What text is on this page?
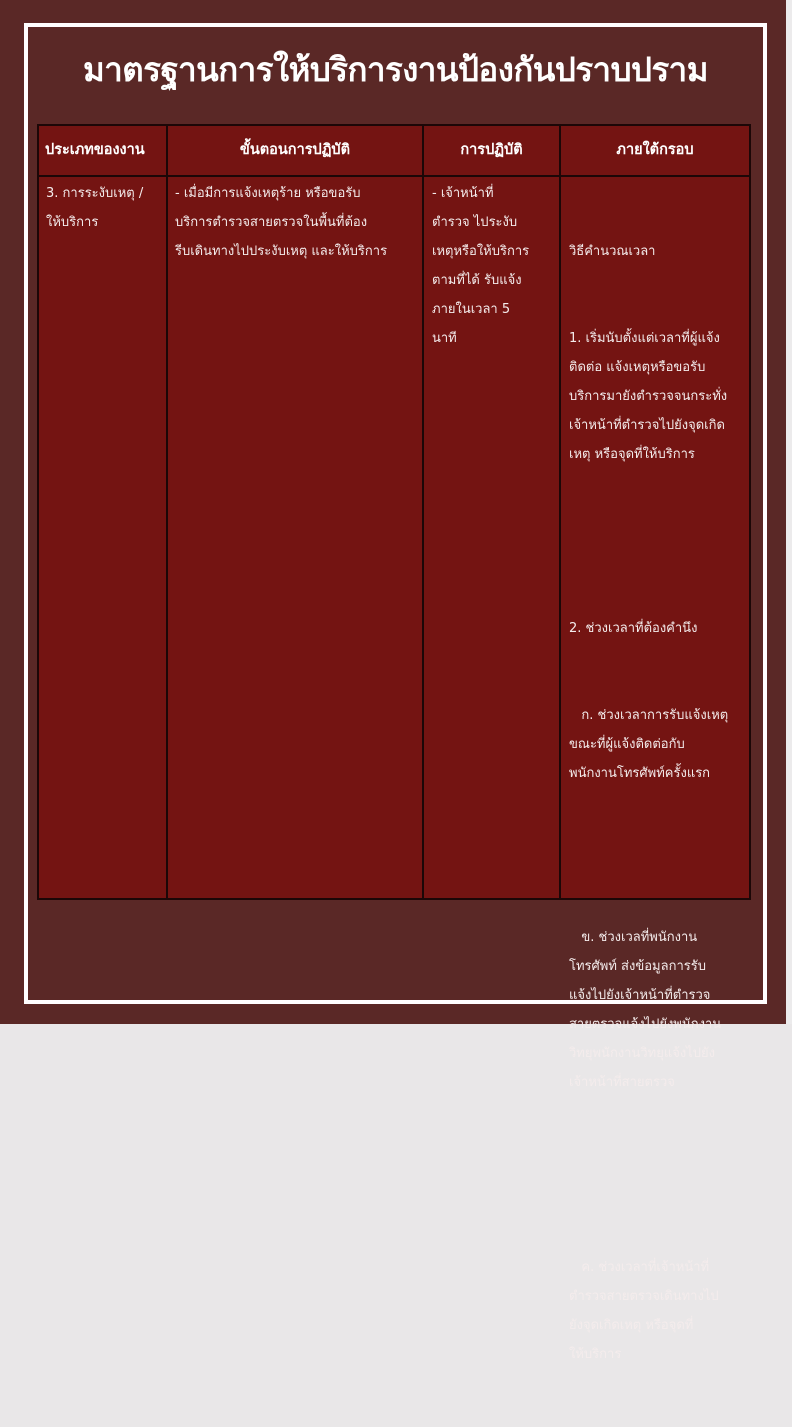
มาตรฐานการให้บริการงานป้องกันปราบปราม
ประเภทของงาน
3. การระงับเหตุ /
ให้บริการ
ขั้นตอนการปฏิบัติ
- เมื่อมีการแจ้งเหตุร้าย หรือขอรับ
บริการตำรวจสายตรวจในพื้นที่ต้อง
รีบเดินทางไปประงับเหตุ และให้บริการ
การปฏิบัติ
- เจ้าหน้าที่
ตำรวจ ไประงับ
เหตุหรือให้บริการ
ตามที่ได้ รับแจ้ง
ภายในเวลา 5
นาที
ภายใต้กรอบ

วิธีคำนวณเวลา

1. เริ่มนับตั้งแต่เวลาที่ผู้แจ้ง
ติดต่อ แจ้งเหตุหรือขอรับ
บริการมายังตำรวจจนกระทั่ง
เจ้าหน้าที่ตำรวจไปยังจุดเกิด
เหตุ หรือจุดที่ให้บริการ

2. ช่วงเวลาที่ต้องคำนึง

ก. ช่วงเวลาการรับแจ้งเหตุ
ขณะที่ผู้แจ้งติดต่อกับ
พนักงานโทรศัพท์ครั้งแรก

ข. ช่วงเวลที่พนักงาน
โทรศัพท์ ส่งข้อมูลการรับ
แจ้งไปยังเจ้าหน้าที่ตำรวจ
สายตรวจแจ้งไปยังพนักงาน
วิทยุพนักงานวิทยุแจ้งไปยัง
เจ้าหน้าที่สายตรวจ

ค. ช่วงเวลาที่เจ้าหน้าที่
ตำรวจสายตรวจเดินทางไป
ยังจุดเกิดเหตุ หรือจุดที่
ให้บริการ
